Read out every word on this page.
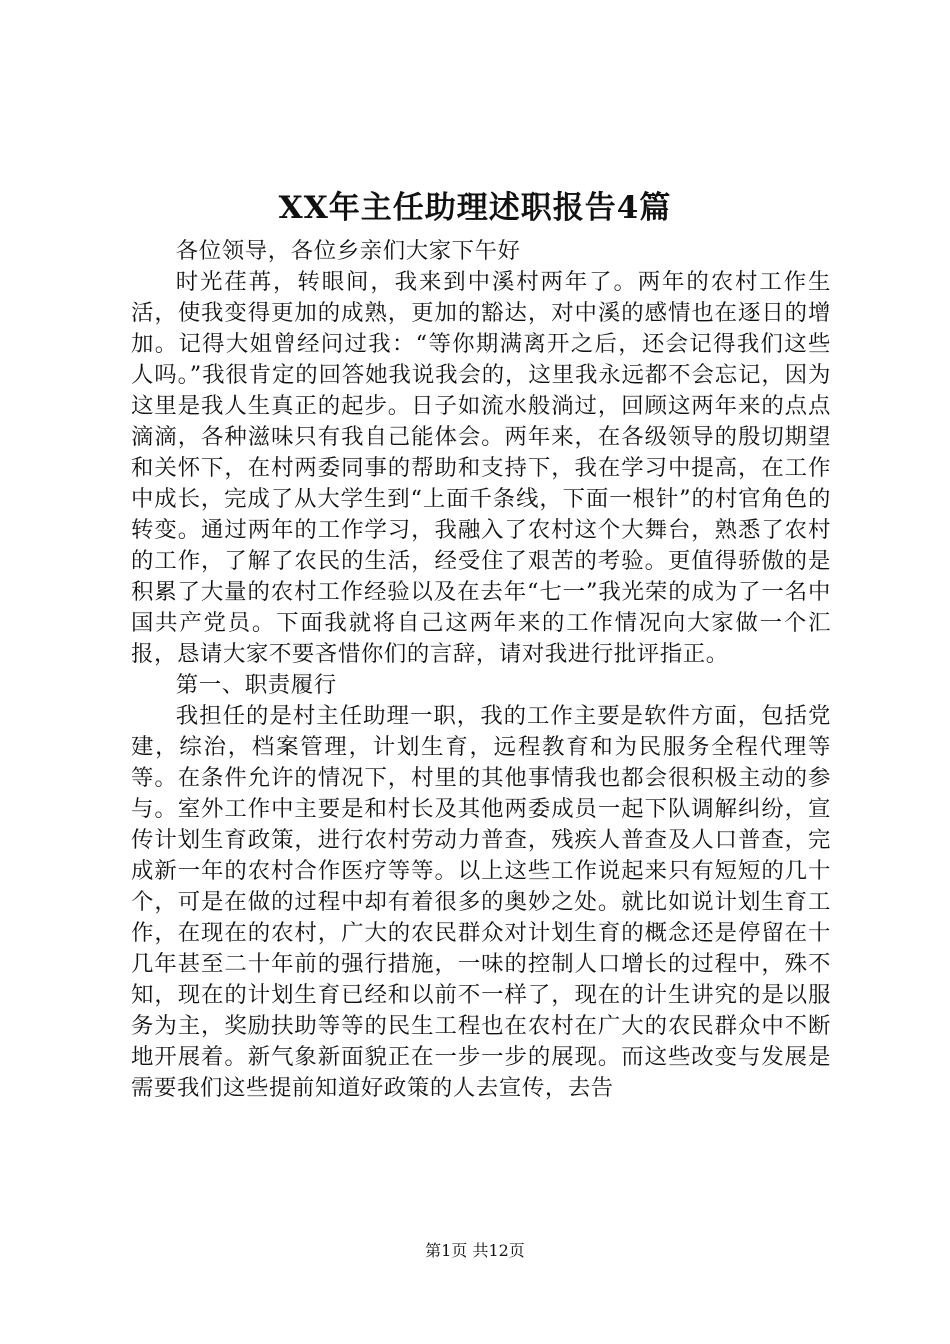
XX年主任助理述职报告4篇

各位领导，各位乡亲们大家下午好

时光荏苒，转眼间，我来到中溪村两年了。两年的农村工作生活，使我变得更加的成熟，更加的豁达，对中溪的感情也在逐日的增加。记得大姐曾经问过我：“等你期满离开之后，还会记得我们这些人吗。”我很肯定的回答她我说我会的，这里我永远都不会忘记，因为这里是我人生真正的起步。日子如流水般淌过，回顾这两年来的点点滴滴，各种滋味只有我自己能体会。两年来，在各级领导的殷切期望和关怀下，在村两委同事的帮助和支持下，我在学习中提高，在工作中成长，完成了从大学生到“上面千条线，下面一根针”的村官角色的转变。通过两年的工作学习，我融入了农村这个大舞台，熟悉了农村的工作，了解了农民的生活，经受住了艰苦的考验。更值得骄傲的是积累了大量的农村工作经验以及在去年“七一”我光荣的成为了一名中国共产党员。下面我就将自己这两年来的工作情况向大家做一个汇报，恳请大家不要吝惜你们的言辞，请对我进行批评指正。

第一、职责履行

我担任的是村主任助理一职，我的工作主要是软件方面，包括党建，综治，档案管理，计划生育，远程教育和为民服务全程代理等等。在条件允许的情况下，村里的其他事情我也都会很积极主动的参与。室外工作中主要是和村长及其他两委成员一起下队调解纠纷，宣传计划生育政策，进行农村劳动力普查，残疾人普查及人口普查，完成新一年的农村合作医疗等等。以上这些工作说起来只有短短的几十个，可是在做的过程中却有着很多的奥妙之处。就比如说计划生育工作，在现在的农村，广大的农民群众对计划生育的概念还是停留在十几年甚至二十年前的强行措施，一味的控制人口增长的过程中，殊不知，现在的计划生育已经和以前不一样了，现在的计生讲究的是以服务为主，奖励扶助等等的民生工程也在农村在广大的农民群众中不断地开展着。新气象新面貌正在一步一步的展现。而这些改变与发展是需要我们这些提前知道好政策的人去宣传，去告

第1页 共12页
